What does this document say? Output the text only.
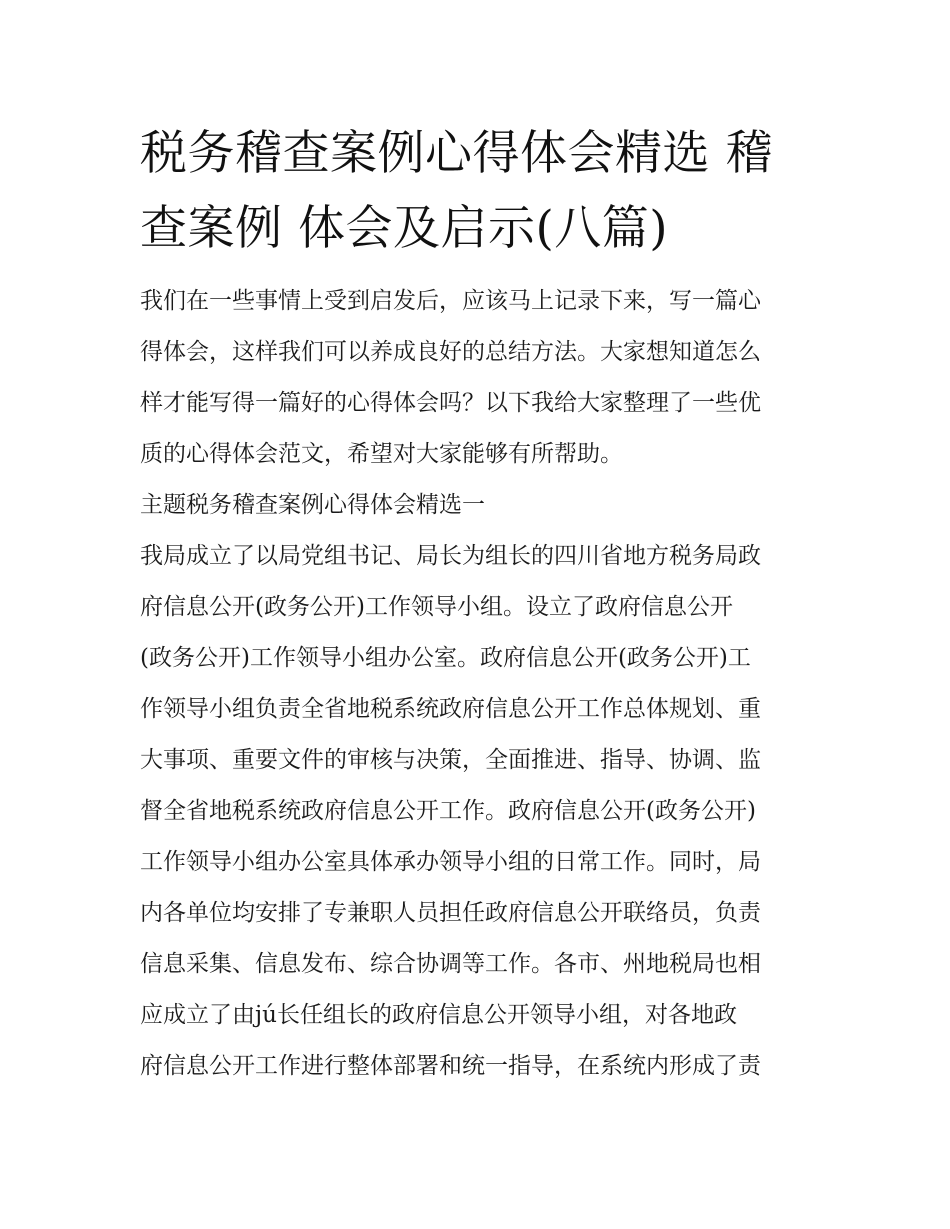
税务稽查案例心得体会精选 稽
查案例 体会及启示(八篇)
我们在一些事情上受到启发后，应该马上记录下来，写一篇心
得体会，这样我们可以养成良好的总结方法。大家想知道怎么
样才能写得一篇好的心得体会吗？以下我给大家整理了一些优
质的心得体会范文，希望对大家能够有所帮助。
主题税务稽查案例心得体会精选一
我局成立了以局党组书记、局长为组长的四川省地方税务局政
府信息公开(政务公开)工作领导小组。设立了政府信息公开
(政务公开)工作领导小组办公室。政府信息公开(政务公开)工
作领导小组负责全省地税系统政府信息公开工作总体规划、重
大事项、重要文件的审核与决策，全面推进、指导、协调、监
督全省地税系统政府信息公开工作。政府信息公开(政务公开)
工作领导小组办公室具体承办领导小组的日常工作。同时，局
内各单位均安排了专兼职人员担任政府信息公开联络员，负责
信息采集、信息发布、综合协调等工作。各市、州地税局也相
应成立了由jú长任组长的政府信息公开领导小组，对各地政
府信息公开工作进行整体部署和统一指导，在系统内形成了责
